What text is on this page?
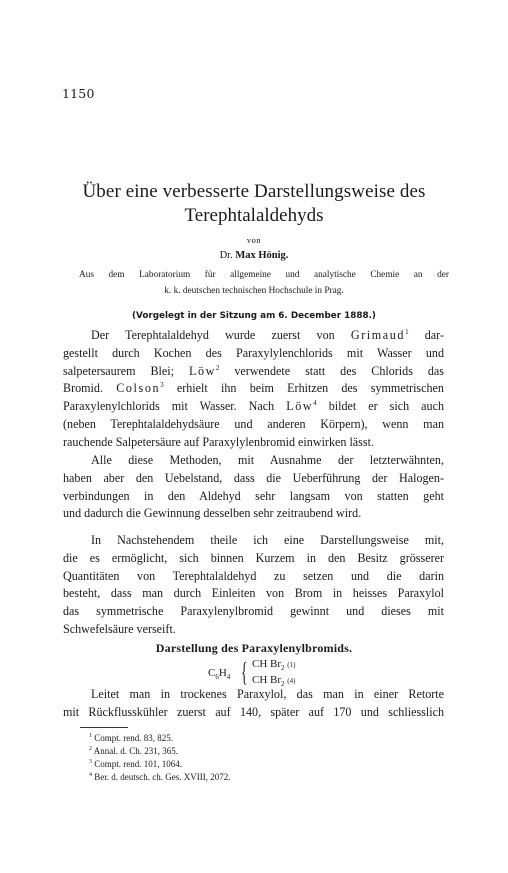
1150
Über eine verbesserte Darstellungsweise des
Terephtalaldehyds
von
Dr. Max Hönig.
Aus dem Laboratorium für allgemeine und analytische Chemie an der
k. k. deutschen technischen Hochschule in Prag.
(Vorgelegt in der Sitzung am 6. December 1888.)
Der Terephtalaldehyd wurde zuerst von Grimaud$^1$ dar-
gestellt durch Kochen des Paraxylylenchlorids mit Wasser und
salpetersaurem Blei; Löw$^2$ verwendete statt des Chlorids das
Bromid. Colson$^3$ erhielt ihn beim Erhitzen des symmetrischen
Paraxylenylchlorids mit Wasser. Nach Löw$^4$ bildet er sich auch
(neben Terephtalaldehydsäure und anderen Körpern), wenn man
rauchende Salpetersäure auf Paraxylylenbromid einwirken lässt.
Alle diese Methoden, mit Ausnahme der letzterwähnten,
haben aber den Uebelstand, dass die Ueberführung der Halogen-
verbindungen in den Aldehyd sehr langsam von statten geht
und dadurch die Gewinnung desselben sehr zeitraubend wird.
In Nachstehendem theile ich eine Darstellungsweise mit,
die es ermöglicht, sich binnen Kurzem in den Besitz grösserer
Quantitäten von Terephtalaldehyd zu setzen und die darin
besteht, dass man durch Einleiten von Brom in heisses Paraxylol
das symmetrische Paraxylenylbromid gewinnt und dieses mit
Schwefelsäure verseift.
Darstellung des Paraxylenylbromids.
$C_6H_4$ { CH $Br_2$ (1)
CH $Br_2$ (4)
Leitet man in trockenes Paraxylol, das man in einer Retorte
mit Rückflusskühler zuerst auf 140, später auf 170 und schliesslich
$^1$ Compt. rend. 83, 825.
$^2$ Annal. d. Ch. 231, 365.
$^3$ Compt. rend. 101, 1064.
$^4$ Ber. d. deutsch. ch. Ges. XVIII, 2072.
